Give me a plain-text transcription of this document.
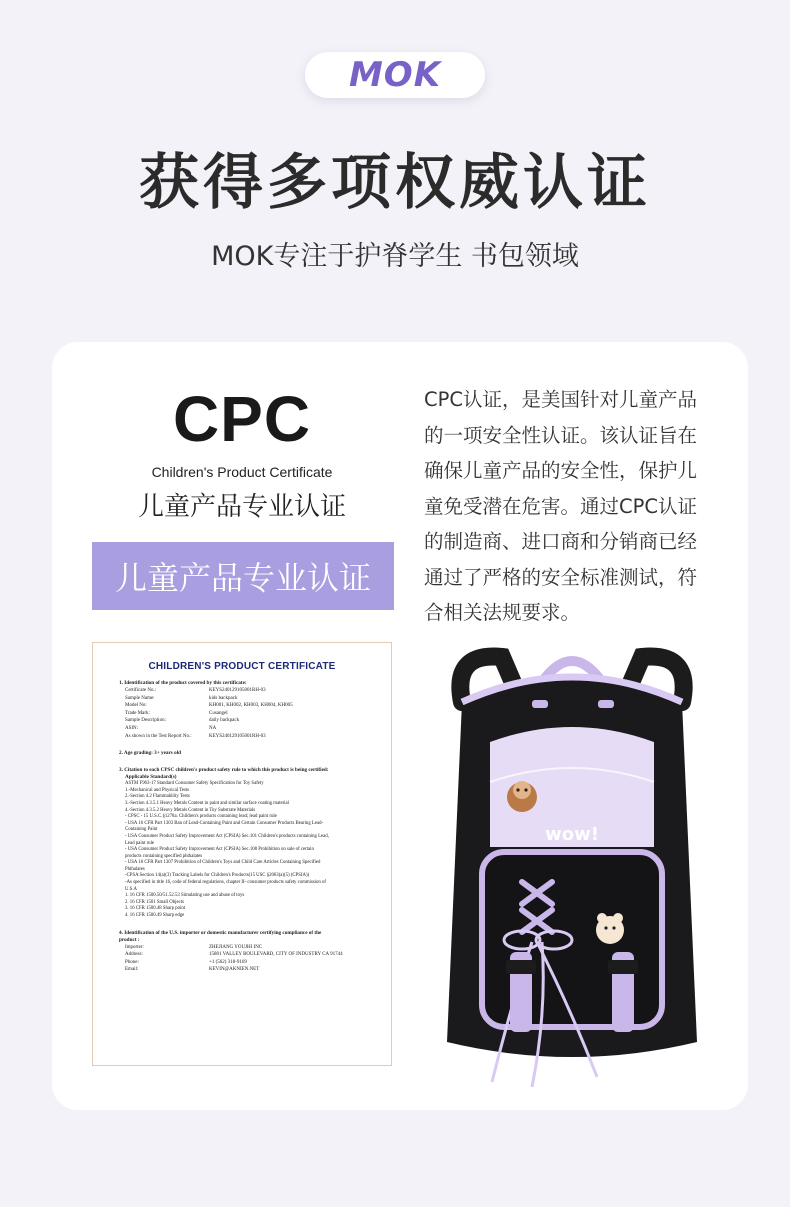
MOK
获得多项权威认证
MOK专注于护脊学生 书包领域
CPC
Children's Product Certificate
儿童产品专业认证
儿童产品专业认证
CPC认证，是美国针对儿童产品的一项安全性认证。该认证旨在确保儿童产品的安全性，保护儿童免受潜在危害。通过CPC认证的制造商、进口商和分销商已经通过了严格的安全标准测试，符合相关法规要求。
CHILDREN'S PRODUCT CERTIFICATE
1. Identification of the product covered by this certificate:
Certificate No.:	KEYS240129105001RH-03
Sample Name:	kids backpack
Model No:	KH001, KH002, KH003, KH004, KH005
Trade Mark:	Cusangel
Sample Description:	daily backpack
ASIN:	NA
As shown in the Test Report No.:	KEYS240129105001RH-03
2. Age grading: 3+ years old
3. Citation to each CPSC children's product safety rule to which this product is being certified:
Applicable Standard(s)
ASTM F963-17 Standard Consumer Safety Specification for Toy Safety
1.-Mechanical and Physical Tests
2.-Section 4.2 Flammability Tests
3.-Section 4.3.5.1 Heavy Metals Content in paint and similar surface coating material
4.-Section 4.3.5.2 Heavy Metals Content in Toy Substrate Materials
- CPSC - 15 U.S.C.§1278a. Children's products containing lead; lead paint rule
- USA 16 CFR Part 1303 Ban of Lead-Containing Paint and Certain Consumer Products Bearing Lead-
Containing Paint
- USA Consumer Product Safety Improvement Act (CPSIA) Sec.101 Children's products containing Lead,
Lead paint rule
- USA Consumer Product Safety Improvement Act (CPSIA) Sec.108 Prohibition on sale of certain
products containing specified phthalates
- USA 16 CFR Part 1307 Prohibition of Children's Toys and Child Care Articles Containing Specified
Phthalates
-CPSA Section 14(a)(3) Tracking Labels for Children's Products(15 USC §2063(a)(5) (CPSIA))
-As specified in title 16, code of federal regulations, chapter II- consumer products safety commission of
U.S.A
1. 16 CFR 1500.50/51.52.53 Simulating use and abuse of toys
2. 16 CFR 1501 Small Objects
3. 16 CFR 1500.48 Sharp point
4. 16 CFR 1500.49 Sharp edge
4. Identification of the U.S. importer or domestic manufacturer certifying compliance of the
product :
Importer:	ZHEJIANG YOUJHI INC
Address:	15801 VALLEY BOULEVARD, CITY OF INDUSTRY CA 91744
Phone:	+1 (562) 318-9169
Email:	KEVIN@AKNIEN.NET
wow!
